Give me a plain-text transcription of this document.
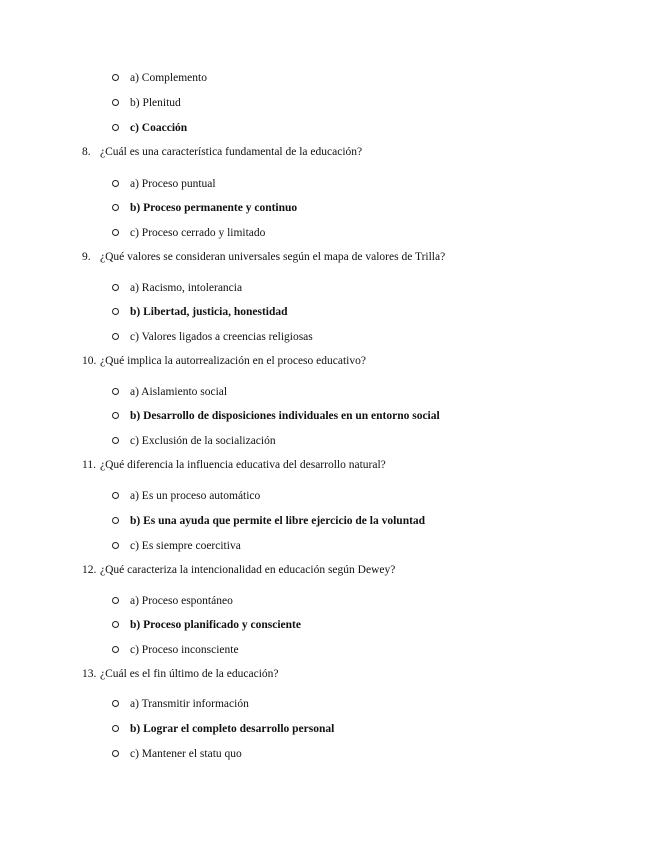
a) Complemento
b) Plenitud
c) Coacción
8. ¿Cuál es una característica fundamental de la educación?
a) Proceso puntual
b) Proceso permanente y continuo
c) Proceso cerrado y limitado
9. ¿Qué valores se consideran universales según el mapa de valores de Trilla?
a) Racismo, intolerancia
b) Libertad, justicia, honestidad
c) Valores ligados a creencias religiosas
10. ¿Qué implica la autorrealización en el proceso educativo?
a) Aislamiento social
b) Desarrollo de disposiciones individuales en un entorno social
c) Exclusión de la socialización
11. ¿Qué diferencia la influencia educativa del desarrollo natural?
a) Es un proceso automático
b) Es una ayuda que permite el libre ejercicio de la voluntad
c) Es siempre coercitiva
12. ¿Qué caracteriza la intencionalidad en educación según Dewey?
a) Proceso espontáneo
b) Proceso planificado y consciente
c) Proceso inconsciente
13. ¿Cuál es el fin último de la educación?
a) Transmitir información
b) Lograr el completo desarrollo personal
c) Mantener el statu quo
